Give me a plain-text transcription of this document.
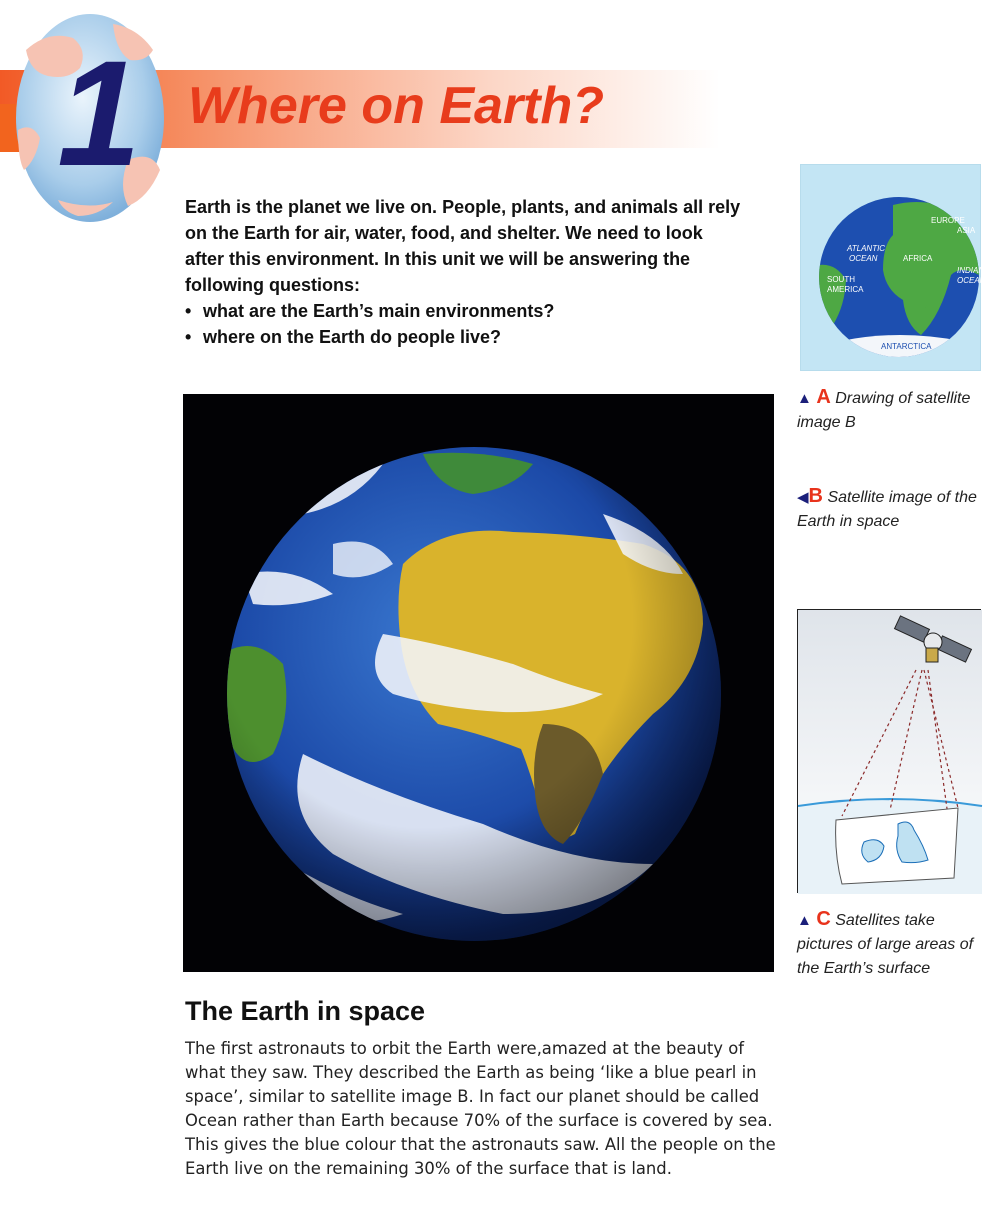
1 Where on Earth?

Earth is the planet we live on. People, plants, and animals all rely on the Earth for air, water, food, and shelter. We need to look after this environment. In this unit we will be answering the following questions:

• what are the Earth’s main environments?
• where on the Earth do people live?
The Earth in space

The first astronauts to orbit the Earth were‚amazed at the beauty of what they saw. They described the Earth as being ‘like a blue pearl in space’, similar to satellite image B. In fact our planet should be called Ocean rather than Earth because 70% of the surface is covered by sea. This gives the blue colour that the astronauts saw. All the people on the Earth live on the remaining 30% of the surface that is land.

EUROPE
ASIA
ATLANTIC
OCEAN	AFRICA
SOUTH
AMERICA
INDIAN
OCEAN
ANTARCTICA
▲ A Drawing of satellite image B
◀B Satellite image of the Earth in space
▲ C Satellites take pictures of large areas of the Earth’s surface
